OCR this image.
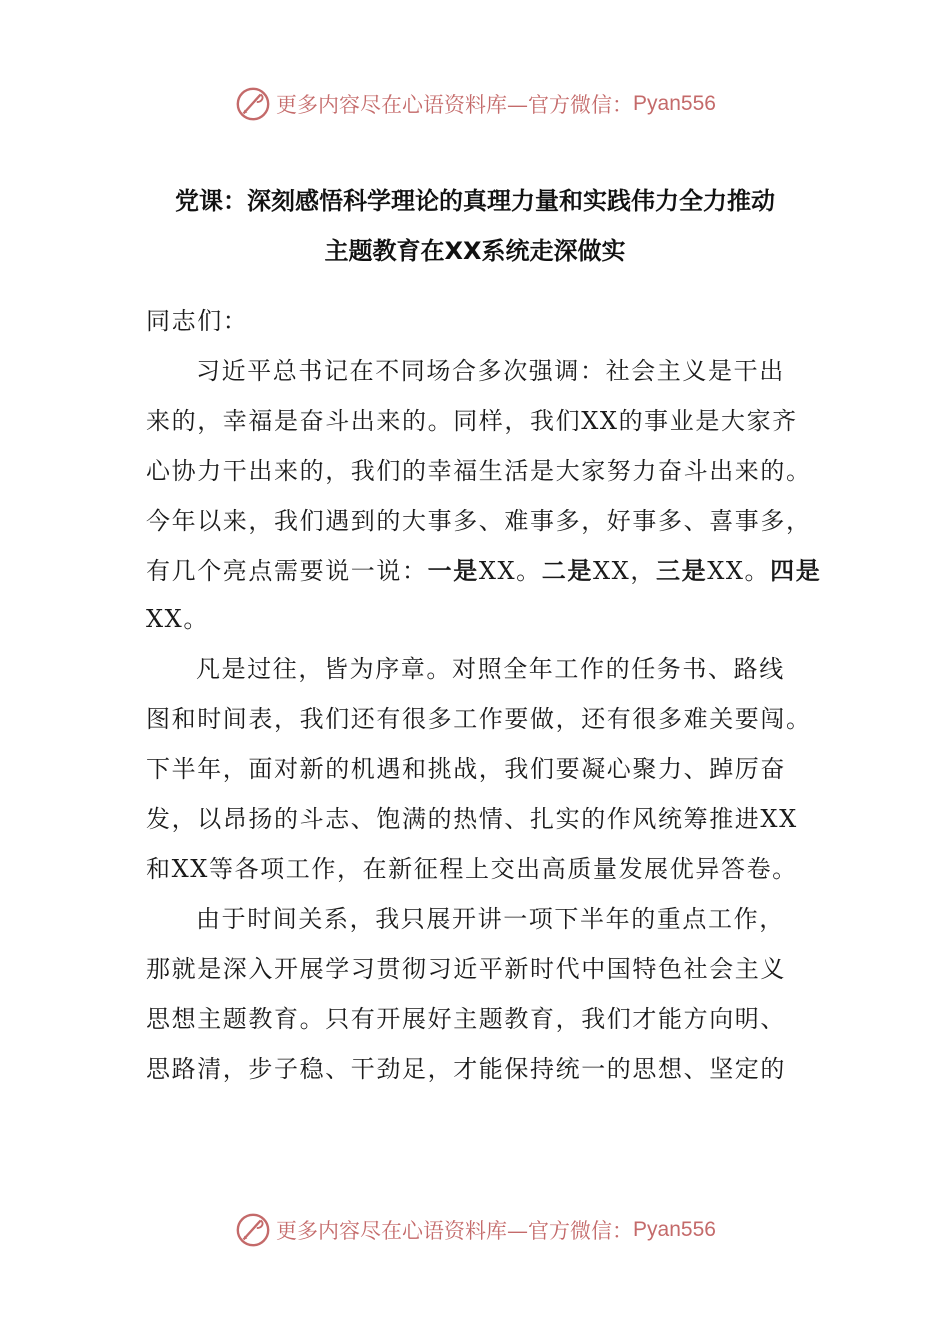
更多内容尽在心语资料库—官方微信： Pyan556
党课：深刻感悟科学理论的真理力量和实践伟力全力推动
主题教育在XX系统走深做实
同志们：
习近平总书记在不同场合多次强调：社会主义是干出
来的，幸福是奋斗出来的。同样，我们XX的事业是大家齐
心协力干出来的，我们的幸福生活是大家努力奋斗出来的。
今年以来，我们遇到的大事多、难事多，好事多、喜事多，
有几个亮点需要说一说：一是XX。二是XX，三是XX。四是
XX。
凡是过往，皆为序章。对照全年工作的任务书、路线
图和时间表，我们还有很多工作要做，还有很多难关要闯。
下半年，面对新的机遇和挑战，我们要凝心聚力、踔厉奋
发，以昂扬的斗志、饱满的热情、扎实的作风统筹推进XX
和XX等各项工作，在新征程上交出高质量发展优异答卷。
由于时间关系，我只展开讲一项下半年的重点工作，
那就是深入开展学习贯彻习近平新时代中国特色社会主义
思想主题教育。只有开展好主题教育，我们才能方向明、
思路清，步子稳、干劲足，才能保持统一的思想、坚定的
更多内容尽在心语资料库—官方微信： Pyan556
